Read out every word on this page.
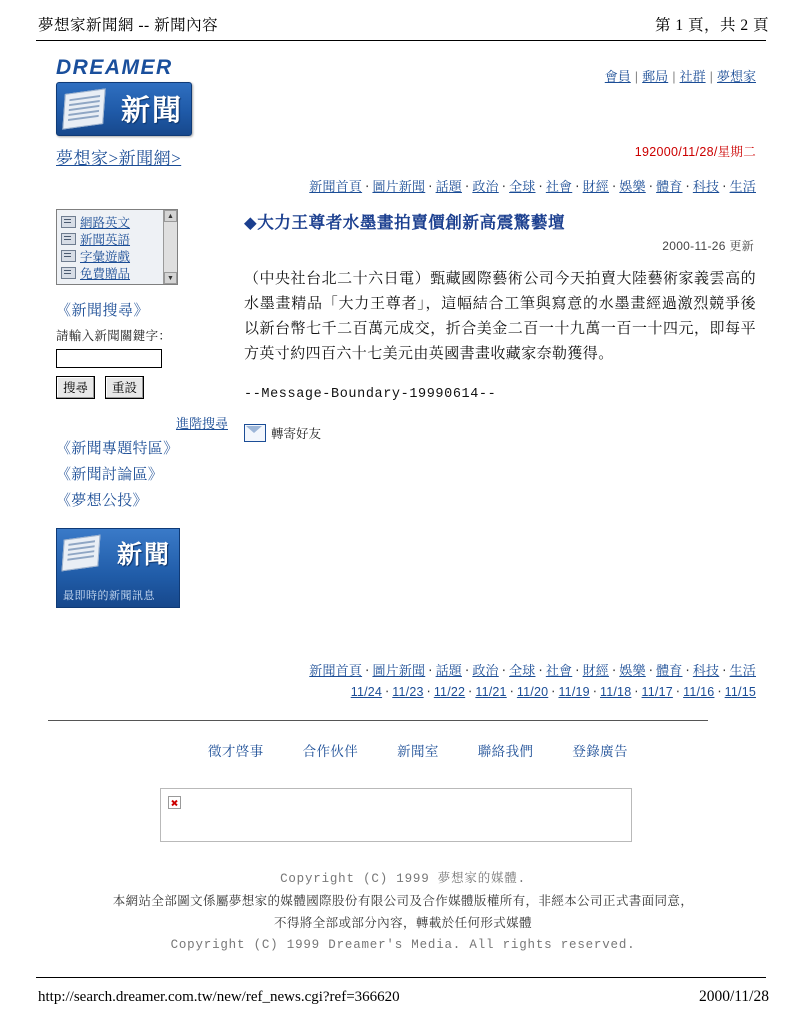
夢想家新聞網 -- 新聞內容	第 1 頁，共 2 頁
DREAMER
新聞
會員 | 郵局 | 社群 | 夢想家
夢想家>新聞網>	192000/11/28/星期二
新聞首頁 ‧ 圖片新聞 ‧ 話題 ‧ 政治 ‧ 全球 ‧ 社會 ‧ 財經 ‧ 娛樂 ‧ 體育 ‧ 科技 ‧ 生活
網路英文
新聞英語
字彙遊戲
免費贈品
▲
▼
《新聞搜尋》
請輸入新聞關鍵字：
搜尋	重設
進階搜尋
《新聞專題特區》
《新聞討論區》
《夢想公投》
新聞
最即時的新聞訊息
◆大力王尊者水墨畫拍賣價創新高震驚藝壇
2000-11-26 更新

（中央社台北二十六日電）甄藏國際藝術公司今天拍賣大陸藝術家義雲高的水墨畫精品「大力王尊者」，這幅結合工筆與寫意的水墨畫經過激烈競爭後以新台幣七千二百萬元成交，折合美金二百一十九萬一百一十四元，即每平方英寸約四百六十七美元由英國書畫收藏家奈勒獲得。

--Message-Boundary-19990614--
轉寄好友
新聞首頁 ‧ 圖片新聞 ‧ 話題 ‧ 政治 ‧ 全球 ‧ 社會 ‧ 財經 ‧ 娛樂 ‧ 體育 ‧ 科技 ‧ 生活
11/24 ‧ 11/23 ‧ 11/22 ‧ 11/21 ‧ 11/20 ‧ 11/19 ‧ 11/18 ‧ 11/17 ‧ 11/16 ‧ 11/15
徵才啓事	合作伙伴	新聞室	聯絡我們	登錄廣告
Copyright (C) 1999 夢想家的媒體.
本網站全部圖文係屬夢想家的媒體國際股份有限公司及合作媒體版權所有，非經本公司正式書面同意，
不得將全部或部分內容，轉載於任何形式媒體
Copyright (C) 1999 Dreamer's Media. All rights reserved.
http://search.dreamer.com.tw/new/ref_news.cgi?ref=366620	2000/11/28
